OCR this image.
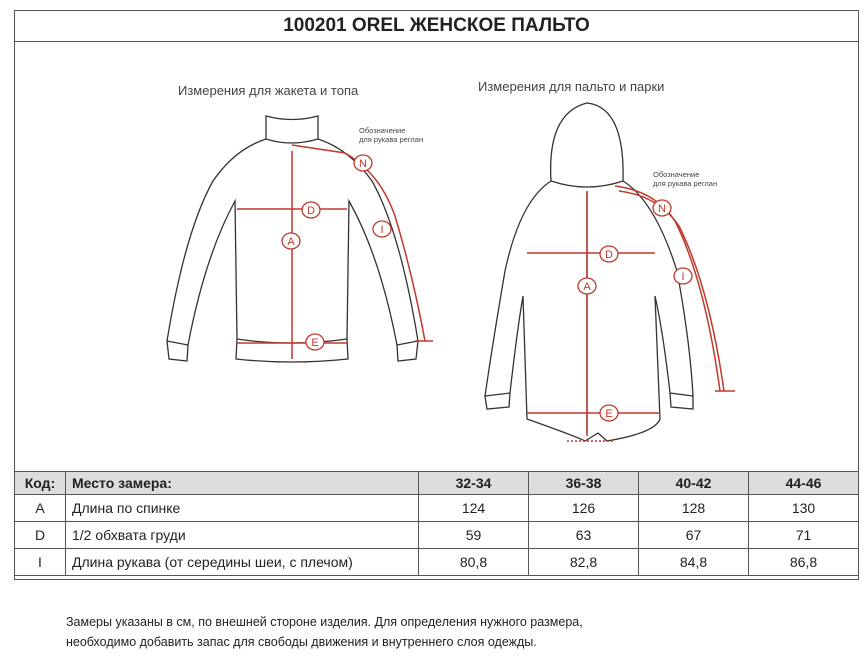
100201 OREL ЖЕНСКОЕ ПАЛЬТО
Измерения для жакета и топа	Измерения для пальто и парки
N
I
D
A
E
Обозначение
для рукава реглан
N
I
D
A
E
Обозначение
для рукава реглан
Код:	Место замера:	32-34	36-38	40-42	44-46
A	Длина по спинке	124	126	128	130
D	1/2 обхвата груди	59	63	67	71
I	Длина рукава (от середины шеи, с плечом)	80,8	82,8	84,8	86,8
Замеры указаны в см, по внешней стороне изделия. Для определения нужного размера,
необходимо добавить запас для свободы движения и внутреннего слоя одежды.
